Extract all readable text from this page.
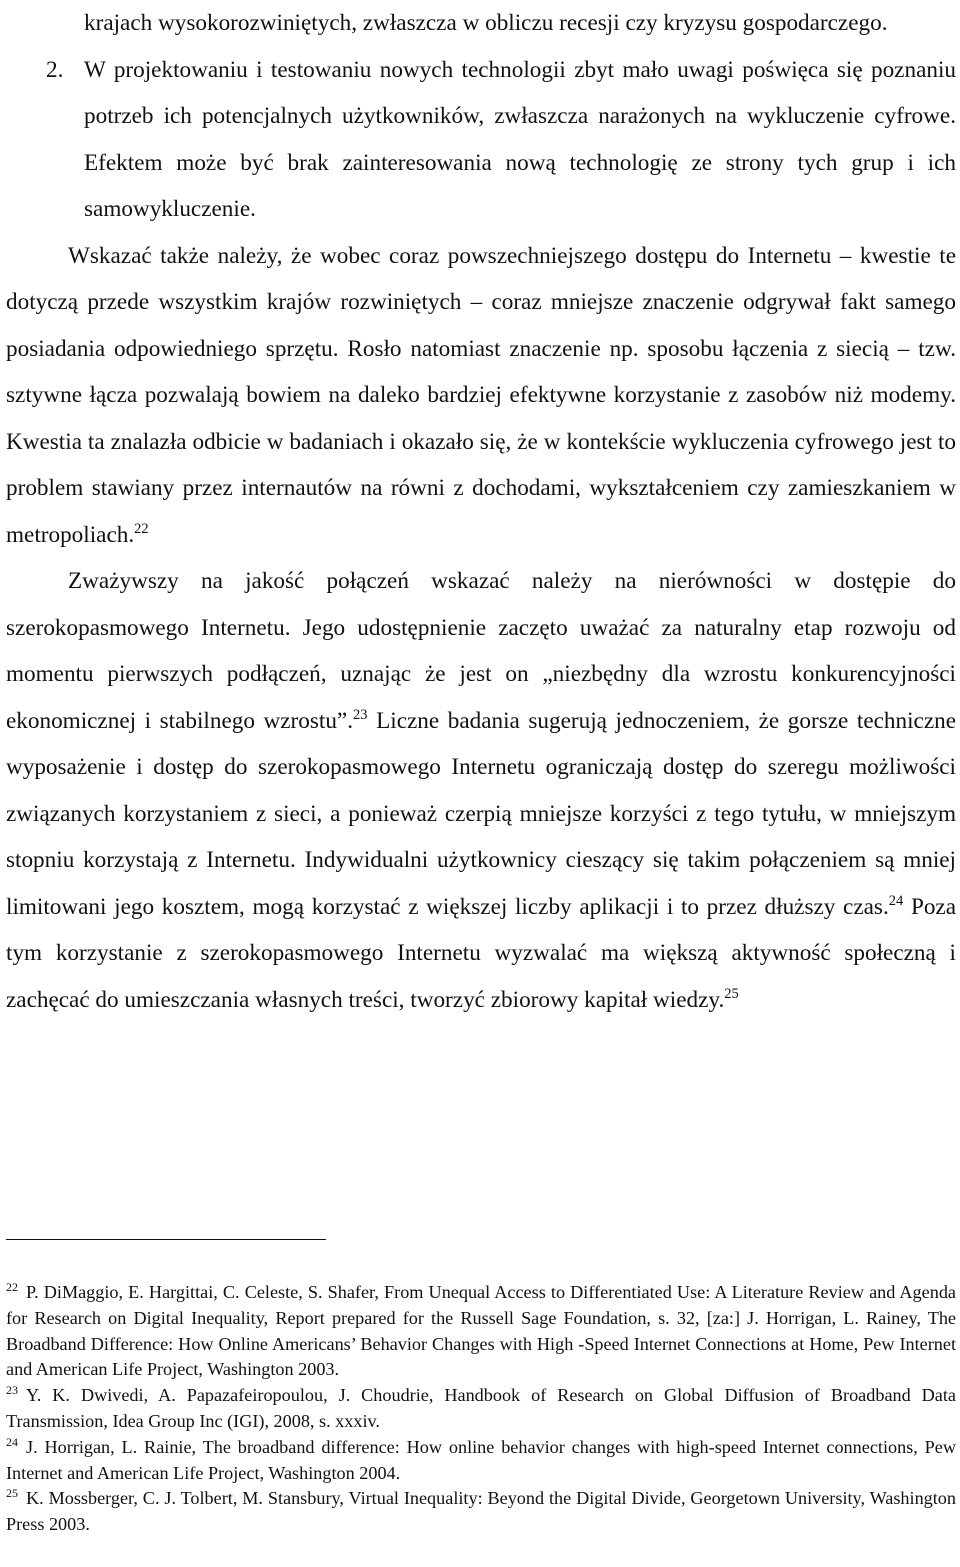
krajach wysokorozwiniętych, zwłaszcza w obliczu recesji czy kryzysu gospodarczego.

2. W projektowaniu i testowaniu nowych technologii zbyt mało uwagi poświęca się poznaniu potrzeb ich potencjalnych użytkowników, zwłaszcza narażonych na wykluczenie cyfrowe. Efektem może być brak zainteresowania nową technologię ze strony tych grup i ich samowykluczenie.

Wskazać także należy, że wobec coraz powszechniejszego dostępu do Internetu – kwestie te dotyczą przede wszystkim krajów rozwiniętych – coraz mniejsze znaczenie odgrywał fakt samego posiadania odpowiedniego sprzętu. Rosło natomiast znaczenie np. sposobu łączenia z siecią – tzw. sztywne łącza pozwalają bowiem na daleko bardziej efektywne korzystanie z zasobów niż modemy. Kwestia ta znalazła odbicie w badaniach i okazało się, że w kontekście wykluczenia cyfrowego jest to problem stawiany przez internautów na równi z dochodami, wykształceniem czy zamieszkaniem w metropoliach.$^{22}$

Zważywszy na jakość połączeń wskazać należy na nierówności w dostępie do szerokopasmowego Internetu. Jego udostępnienie zaczęto uważać za naturalny etap rozwoju od momentu pierwszych podłączeń, uznając że jest on „niezbędny dla wzrostu konkurencyjności ekonomicznej i stabilnego wzrostu”.$^{23}$ Liczne badania sugerują jednoczeniem, że gorsze techniczne wyposażenie i dostęp do szerokopasmowego Internetu ograniczają dostęp do szeregu możliwości związanych korzystaniem z sieci, a ponieważ czerpią mniejsze korzyści z tego tytułu, w mniejszym stopniu korzystają z Internetu. Indywidualni użytkownicy cieszący się takim połączeniem są mniej limitowani jego kosztem, mogą korzystać z większej liczby aplikacji i to przez dłuższy czas.$^{24}$ Poza tym korzystanie z szerokopasmowego Internetu wyzwalać ma większą aktywność społeczną i zachęcać do umieszczania własnych treści, tworzyć zbiorowy kapitał wiedzy.$^{25}$

$^{22}$ P. DiMaggio, E. Hargittai, C. Celeste, S. Shafer, From Unequal Access to Differentiated Use: A Literature Review and Agenda for Research on Digital Inequality, Report prepared for the Russell Sage Foundation, s. 32, [za:] J. Horrigan, L. Rainey, The Broadband Difference: How Online Americans’ Behavior Changes with High -Speed Internet Connections at Home, Pew Internet and American Life Project, Washington 2003.

$^{23}$ Y. K. Dwivedi, A. Papazafeiropoulou, J. Choudrie, Handbook of Research on Global Diffusion of Broadband Data Transmission, Idea Group Inc (IGI), 2008, s. xxxiv.

$^{24}$ J. Horrigan, L. Rainie, The broadband difference: How online behavior changes with high-speed Internet connections, Pew Internet and American Life Project, Washington 2004.

$^{25}$ K. Mossberger, C. J. Tolbert, M. Stansbury, Virtual Inequality: Beyond the Digital Divide, Georgetown University, Washington Press 2003.
